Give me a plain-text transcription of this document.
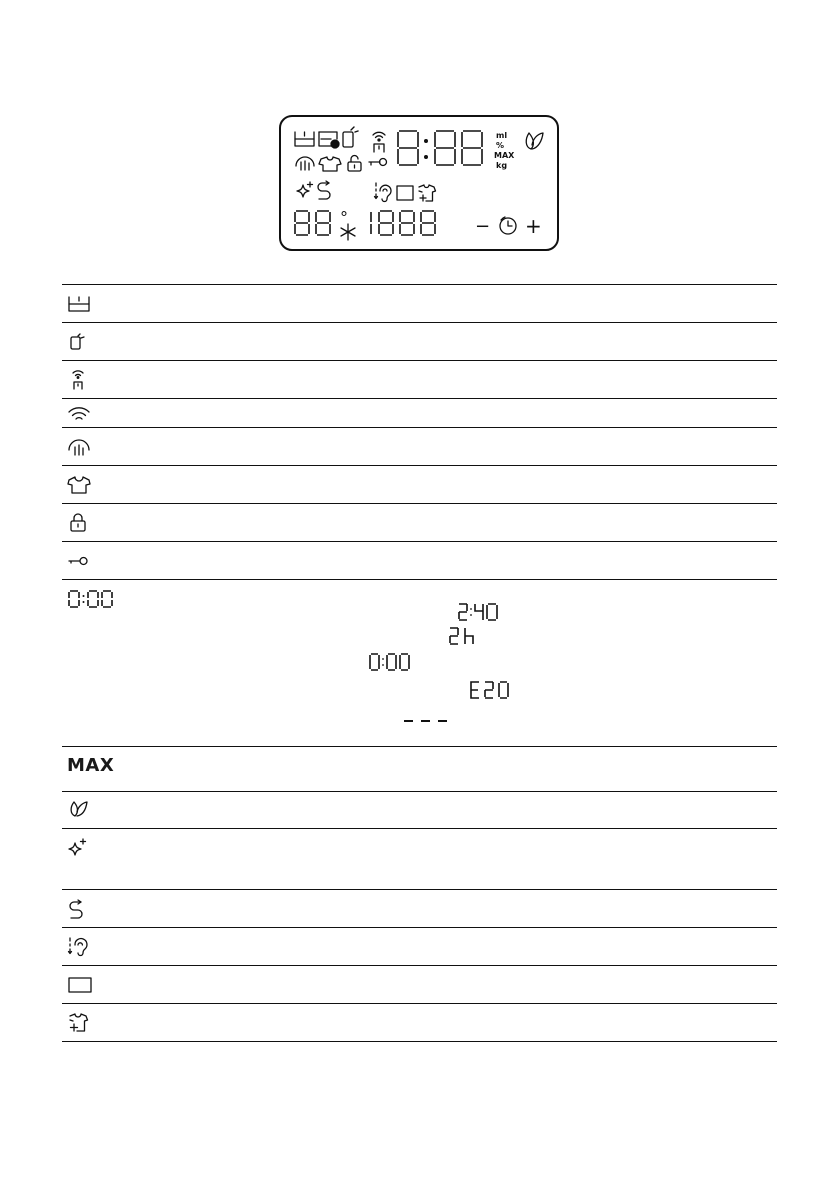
ml
%
MAX
kg
°	− +
MAX
